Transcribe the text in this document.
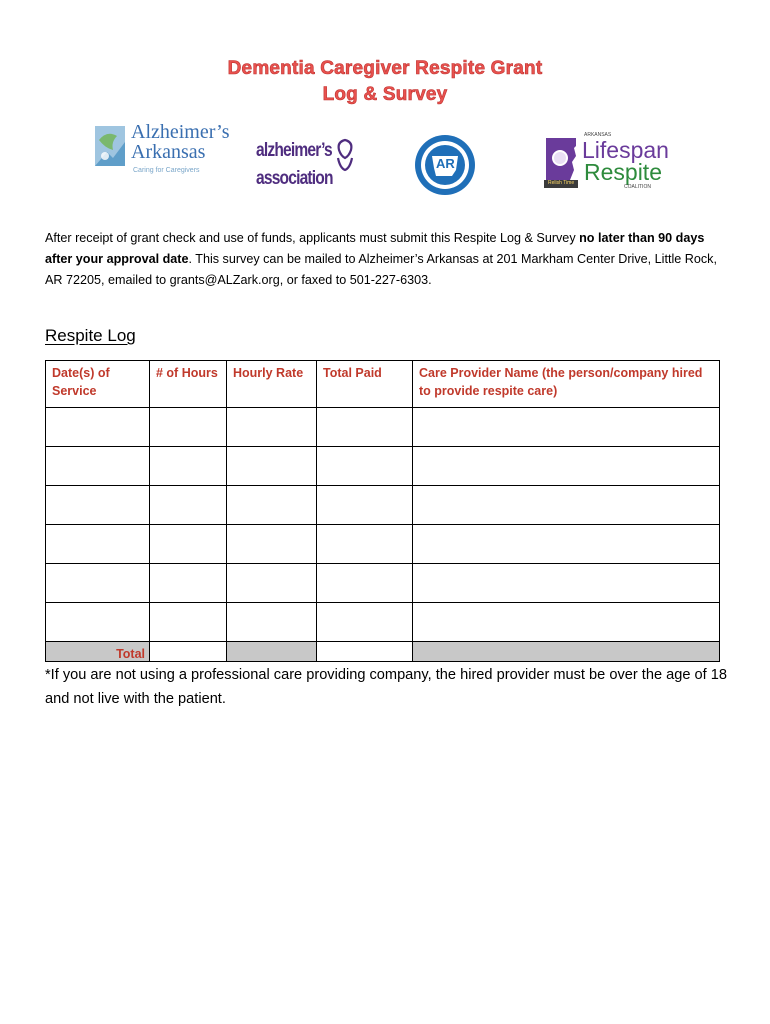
Dementia Caregiver Respite Grant
Log & Survey
Alzheimer’s
Arkansas
Caring for Caregivers
alzheimer’s
association
AR
Relish Time
ARKANSAS
Lifespan
Respite
COALITION
After receipt of grant check and use of funds, applicants must submit this Respite Log & Survey no later than 90 days after your approval date. This survey can be mailed to Alzheimer’s Arkansas at 201 Markham Center Drive, Little Rock, AR 72205, emailed to grants@ALZark.org, or faxed to 501-227-6303.
Respite Log
Date(s) of Service	# of Hours	Hourly Rate	Total Paid	Care Provider Name (the person/company hired to provide respite care)

Total				
*If you are not using a professional care providing company, the hired provider must be over the age of 18 and not live with the patient.
